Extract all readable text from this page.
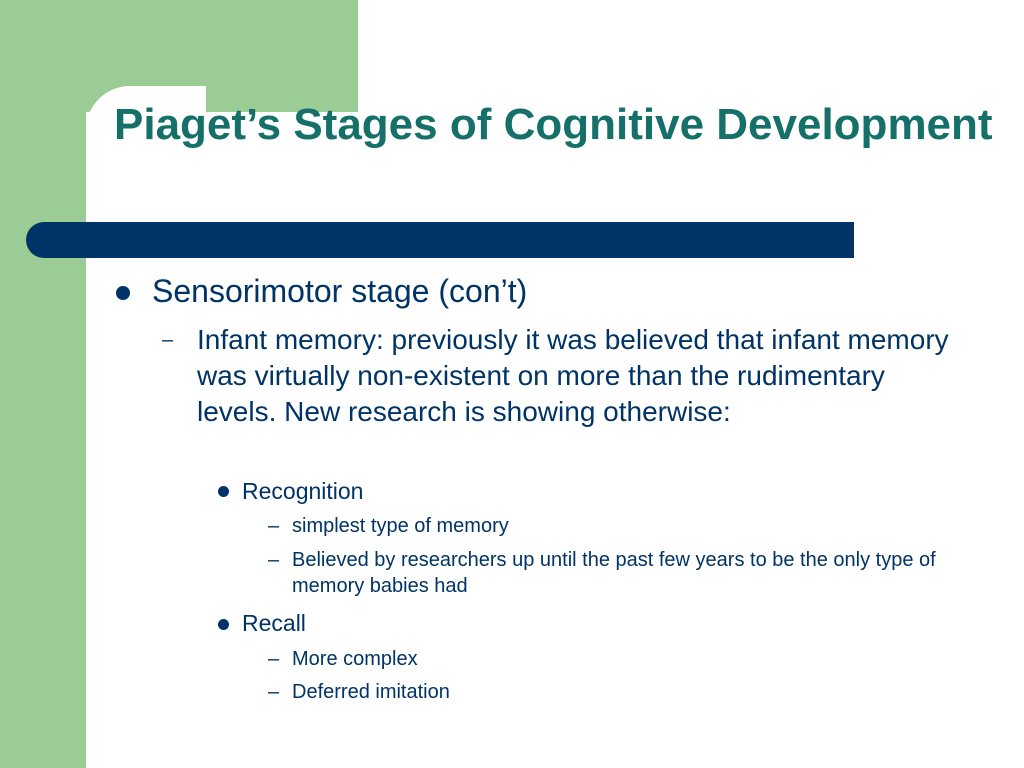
Piaget’s Stages of Cognitive Development
Sensorimotor stage (con’t)
– Infant memory: previously it was believed that infant memory was virtually non-existent on more than the rudimentary levels. New research is showing otherwise:
Recognition
– simplest type of memory
– Believed by researchers up until the past few years to be the only type of memory babies had
Recall
– More complex
– Deferred imitation
